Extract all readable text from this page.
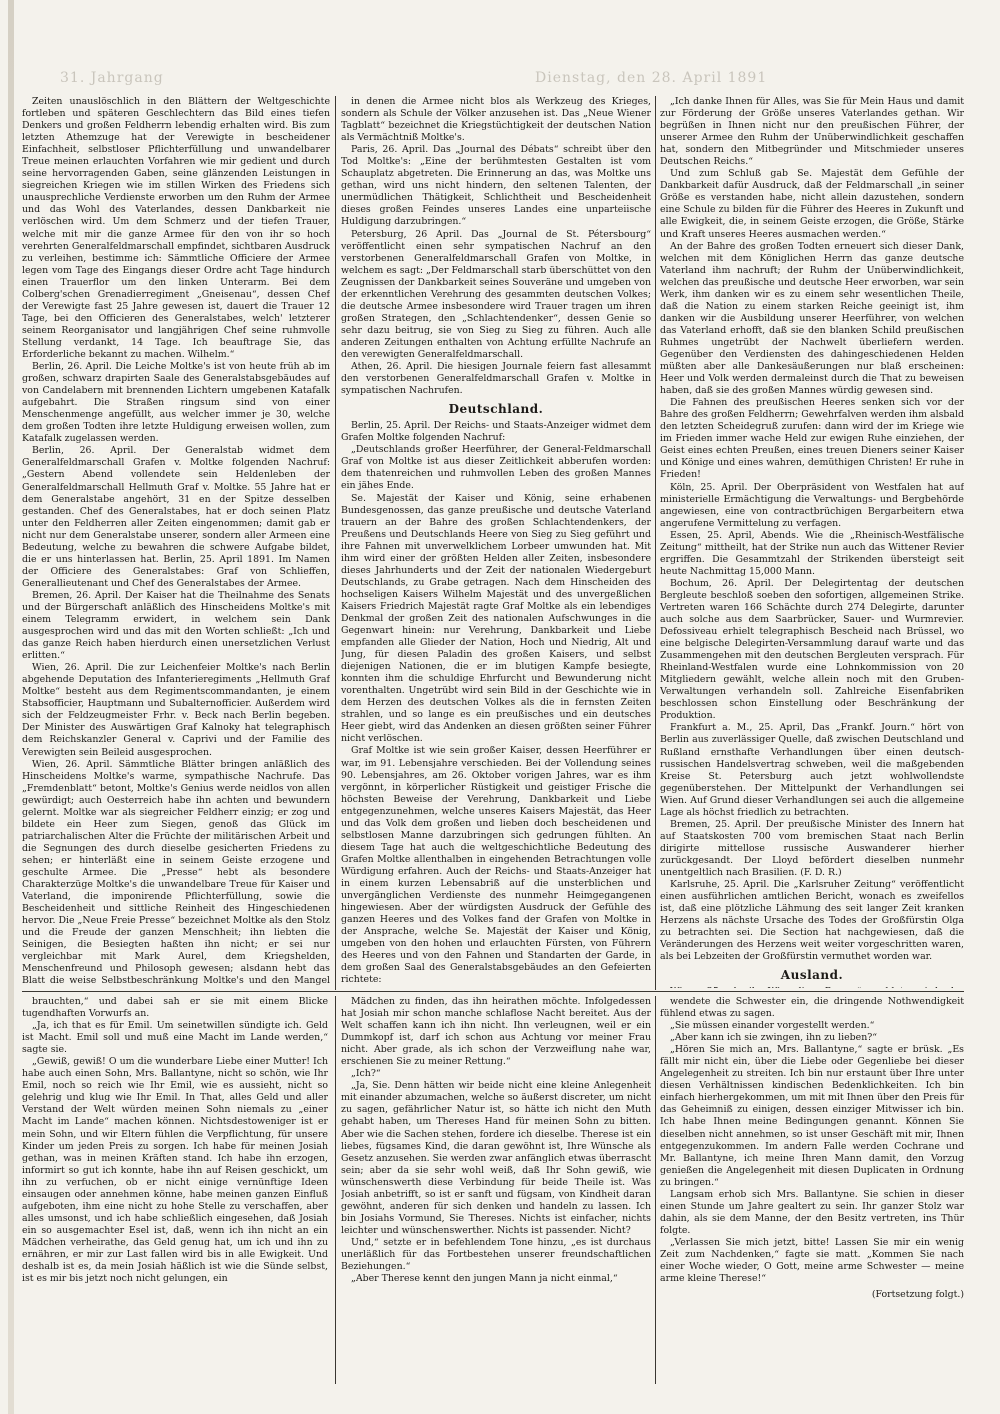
31. Jahrgang	Dienstag, den 28. April 1891

Zeiten unauslöschlich in den Blättern der Weltgeschichte fortleben und späteren Geschlechtern das Bild eines tiefen Denkers und großen Feldherrn lebendig erhalten wird. Bis zum letzten Athemzuge hat der Verewigte in bescheidener Einfachheit, selbstloser Pflichterfüllung und unwandelbarer Treue meinen erlauchten Vorfahren wie mir gedient und durch seine hervorragenden Gaben, seine glänzenden Leistungen in siegreichen Kriegen wie im stillen Wirken des Friedens sich unausprechliche Verdienste erworben um den Ruhm der Armee und das Wohl des Vaterlandes, dessen Dankbarkeit nie verlöschen wird. Um dem Schmerz und der tiefen Trauer, welche mit mir die ganze Armee für den von ihr so hoch verehrten Generalfeldmarschall empfindet, sichtbaren Ausdruck zu verleihen, bestimme ich: Sämmtliche Officiere der Armee legen vom Tage des Eingangs dieser Ordre acht Tage hindurch einen Trauerflor um den linken Unterarm. Bei dem Colberg'schen Grenadierregiment „Gneisenau“, dessen Chef der Verewigte fast 25 Jahre gewesen ist, dauert die Trauer 12 Tage, bei den Officieren des Generalstabes, welch' letzterer seinem Reorganisator und langjährigen Chef seine ruhmvolle Stellung verdankt, 14 Tage. Ich beauftrage Sie, das Erforderliche bekannt zu machen. Wilhelm.“

Berlin, 26. April. Die Leiche Moltke's ist von heute früh ab im großen, schwarz drapirten Saale des Generalstabsgebäudes auf von Candelabern mit brennenden Lichtern umgebenen Katafalk aufgebahrt. Die Straßen ringsum sind von einer Menschenmenge angefüllt, aus welcher immer je 30, welche dem großen Todten ihre letzte Huldigung erweisen wollen, zum Katafalk zugelassen werden.

Berlin, 26. April. Der Generalstab widmet dem Generalfeldmarschall Grafen v. Moltke folgenden Nachruf: „Gestern Abend vollendete sein Heldenleben der Generalfeldmarschall Hellmuth Graf v. Moltke. 55 Jahre hat er dem Generalstabe angehört, 31 en der Spitze desselben gestanden. Chef des Generalstabes, hat er doch seinen Platz unter den Feldherren aller Zeiten eingenommen; damit gab er nicht nur dem Generalstabe unserer, sondern aller Armeen eine Bedeutung, welche zu bewahren die schwere Aufgabe bildet, die er uns hinterlassen hat. Berlin, 25. April 1891. Im Namen der Officiere des Generalstabes: Graf von Schlieffen, Generallieutenant und Chef des Generalstabes der Armee.

Bremen, 26. April. Der Kaiser hat die Theilnahme des Senats und der Bürgerschaft anläßlich des Hinscheidens Moltke's mit einem Telegramm erwidert, in welchem sein Dank ausgesprochen wird und das mit den Worten schließt: „Ich und das ganze Reich haben hierdurch einen unersetzlichen Verlust erlitten.“

Wien, 26. April. Die zur Leichenfeier Moltke's nach Berlin abgehende Deputation des Infanterieregiments „Hellmuth Graf Moltke“ besteht aus dem Regimentscommandanten, je einem Stabsofficier, Hauptmann und Subalternofficier. Außerdem wird sich der Feldzeugmeister Frhr. v. Beck nach Berlin begeben. Der Minister des Auswärtigen Graf Kalnoky hat telegraphisch dem Reichskanzler General v. Caprivi und der Familie des Verewigten sein Beileid ausgesprochen.

Wien, 26. April. Sämmtliche Blätter bringen anläßlich des Hinscheidens Moltke's warme, sympathische Nachrufe. Das „Fremdenblatt“ betont, Moltke's Genius werde neidlos von allen gewürdigt; auch Oesterreich habe ihn achten und bewundern gelernt. Moltke war als siegreicher Feldherr einzig; er zog und bildete ein Heer zum Siegen, genoß das Glück im patriarchalischen Alter die Früchte der militärischen Arbeit und die Segnungen des durch dieselbe gesicherten Friedens zu sehen; er hinterläßt eine in seinem Geiste erzogene und geschulte Armee. Die „Presse“ hebt als besondere Charakterzüge Moltke's die unwandelbare Treue für Kaiser und Vaterland, die imponirende Pflichterfüllung, sowie die Bescheidenheit und sittliche Reinheit des Hingeschiedenen hervor. Die „Neue Freie Presse“ bezeichnet Moltke als den Stolz und die Freude der ganzen Menschheit; ihn liebten die Seinigen, die Besiegten haßten ihn nicht; er sei nur vergleichbar mit Mark Aurel, dem Kriegshelden, Menschenfreund und Philosoph gewesen; alsdann hebt das Blatt die weise Selbstbeschränkung Moltke's und den Mangel

in denen die Armee nicht blos als Werkzeug des Krieges, sondern als Schule der Völker anzusehen ist. Das „Neue Wiener Tagblatt“ bezeichnet die Kriegstüchtigkeit der deutschen Nation als Vermächtniß Moltke's.

Paris, 26. April. Das „Journal des Débats“ schreibt über den Tod Moltke's: „Eine der berühmtesten Gestalten ist vom Schauplatz abgetreten. Die Erinnerung an das, was Moltke uns gethan, wird uns nicht hindern, den seltenen Talenten, der unermüdlichen Thätigkeit, Schlichtheit und Bescheidenheit dieses großen Feindes unseres Landes eine unparteiische Huldigung darzubringen.“

Petersburg, 26 April. Das „Journal de St. Pétersbourg“ veröffentlicht einen sehr sympatischen Nachruf an den verstorbenen Generalfeldmarschall Grafen von Moltke, in welchem es sagt: „Der Feldmarschall starb überschüttet von den Zeugnissen der Dankbarkeit seines Souveräne und umgeben von der erkenntlichen Verehrung des gesammten deutschen Volkes; die deutsche Armee insbesondere wird Trauer tragen um ihren großen Strategen, den „Schlachtendenker“, dessen Genie so sehr dazu beitrug, sie von Sieg zu Sieg zu führen. Auch alle anderen Zeitungen enthalten von Achtung erfüllte Nachrufe an den verewigten Generalfeldmarschall.

Athen, 26. April. Die hiesigen Journale feiern fast allesammt den verstorbenen Generalfeldmarschall Grafen v. Moltke in sympatischen Nachrufen.

Deutschland.

Berlin, 25. April. Der Reichs- und Staats-Anzeiger widmet dem Grafen Moltke folgenden Nachruf:

„Deutschlands großer Heerführer, der General-Feldmarschall Graf von Moltke ist aus dieser Zeitlichkeit abberufen worden: dem thatenreichen und ruhmvollen Leben des großen Mannes ein jähes Ende.

Se. Majestät der Kaiser und König, seine erhabenen Bundesgenossen, das ganze preußische und deutsche Vaterland trauern an der Bahre des großen Schlachtendenkers, der Preußens und Deutschlands Heere von Sieg zu Sieg geführt und ihre Fahnen mit unverwelklichem Lorbeer umwunden hat. Mit ihm wird einer der größten Helden aller Zeiten, insbesondere dieses Jahrhunderts und der Zeit der nationalen Wiedergeburt Deutschlands, zu Grabe getragen. Nach dem Hinscheiden des hochseligen Kaisers Wilhelm Majestät und des unvergeßlichen Kaisers Friedrich Majestät ragte Graf Moltke als ein lebendiges Denkmal der großen Zeit des nationalen Aufschwunges in die Gegenwart hinein: nur Verehrung, Dankbarkeit und Liebe empfanden alle Glieder der Nation, Hoch und Niedrig, Alt und Jung, für diesen Paladin des großen Kaisers, und selbst diejenigen Nationen, die er im blutigen Kampfe besiegte, konnten ihm die schuldige Ehrfurcht und Bewunderung nicht vorenthalten. Ungetrübt wird sein Bild in der Geschichte wie in dem Herzen des deutschen Volkes als die in fernsten Zeiten strahlen, und so lange es ein preußisches und ein deutsches Heer giebt, wird das Andenken an diesen größten seiner Führer nicht verlöschen.

Graf Moltke ist wie sein großer Kaiser, dessen Heerführer er war, im 91. Lebensjahre verschieden. Bei der Vollendung seines 90. Lebensjahres, am 26. Oktober vorigen Jahres, war es ihm vergönnt, in körperlicher Rüstigkeit und geistiger Frische die höchsten Beweise der Verehrung, Dankbarkeit und Liebe entgegenzunehmen, welche unseres Kaisers Majestät, das Heer und das Volk dem großen und lieben doch bescheidenen und selbstlosen Manne darzubringen sich gedrungen fühlten. An diesem Tage hat auch die weltgeschichtliche Bedeutung des Grafen Moltke allenthalben in eingehenden Betrachtungen volle Würdigung erfahren. Auch der Reichs- und Staats-Anzeiger hat in einem kurzen Lebensabriß auf die unsterblichen und unvergänglichen Verdienste des nunmehr Heimgegangenen hingewiesen. Aber der würdigsten Ausdruck der Gefühle des ganzen Heeres und des Volkes fand der Grafen von Moltke in der Ansprache, welche Se. Majestät der Kaiser und König, umgeben von den hohen und erlauchten Fürsten, von Führern des Heeres und von den Fahnen und Standarten der Garde, in dem großen Saal des Generalstabsgebäudes an den Gefeierten richtete:

„Ich danke Ihnen für Alles, was Sie für Mein Haus und damit zur Förderung der Größe unseres Vaterlandes gethan. Wir begrüßen in Ihnen nicht nur den preußischen Führer, der unserer Armee den Ruhm der Unüberwindlichkeit geschaffen hat, sondern den Mitbegründer und Mitschmieder unseres Deutschen Reichs.“

Und zum Schluß gab Se. Majestät dem Gefühle der Dankbarkeit dafür Ausdruck, daß der Feldmarschall „in seiner Größe es verstanden habe, nicht allein dazustehen, sondern eine Schule zu bilden für die Führer des Heeres in Zukunft und alle Ewigkeit, die, in seinem Geiste erzogen, die Größe, Stärke und Kraft unseres Heeres ausmachen werden.“

An der Bahre des großen Todten erneuert sich dieser Dank, welchen mit dem Königlichen Herrn das ganze deutsche Vaterland ihm nachruft; der Ruhm der Unüberwindlichkeit, welchen das preußische und deutsche Heer erworben, war sein Werk, ihm danken wir es zu einem sehr wesentlichen Theile, daß die Nation zu einem starken Reiche geeinigt ist, ihm danken wir die Ausbildung unserer Heerführer, von welchen das Vaterland erhofft, daß sie den blanken Schild preußischen Ruhmes ungetrübt der Nachwelt überliefern werden. Gegenüber den Verdiensten des dahingeschiedenen Helden müßten aber alle Dankesäußerungen nur blaß erscheinen: Heer und Volk werden dermaleinst durch die That zu beweisen haben, daß sie des großen Mannes würdig gewesen sind.

Die Fahnen des preußischen Heeres senken sich vor der Bahre des großen Feldherrn; Gewehrfalven werden ihm alsbald den letzten Scheidegruß zurufen: dann wird der im Kriege wie im Frieden immer wache Held zur ewigen Ruhe einziehen, der Geist eines echten Preußen, eines treuen Dieners seiner Kaiser und Könige und eines wahren, demüthigen Christen! Er ruhe in Frieden!

Köln, 25. April. Der Oberpräsident von Westfalen hat auf ministerielle Ermächtigung die Verwaltungs- und Bergbehörde angewiesen, eine von contractbrüchigen Bergarbeitern etwa angerufene Vermittelung zu verfagen.

Essen, 25. April, Abends. Wie die „Rheinisch-Westfälische Zeitung“ mittheilt, hat der Strike nun auch das Wittener Revier ergriffen. Die Gesammtzahl der Strikenden übersteigt seit heute Nachmittag 15,000 Mann.

Bochum, 26. April. Der Delegirtentag der deutschen Bergleute beschloß soeben den sofortigen, allgemeinen Strike. Vertreten waren 166 Schächte durch 274 Delegirte, darunter auch solche aus dem Saarbrücker, Sauer- und Wurmrevier. Defossiveau erhielt telegraphisch Bescheid nach Brüssel, wo eine belgische Delegirten-Versammlung darauf warte und das Zusammengehen mit den deutschen Bergleuten versprach. Für Rheinland-Westfalen wurde eine Lohnkommission von 20 Mitgliedern gewählt, welche allein noch mit den Gruben-Verwaltungen verhandeln soll. Zahlreiche Eisenfabriken beschlossen schon Einstellung oder Beschränkung der Produktion.

Frankfurt a. M., 25. April, Das „Frankf. Journ.“ hört von Berlin aus zuverlässiger Quelle, daß zwischen Deutschland und Rußland ernsthafte Verhandlungen über einen deutsch-russischen Handelsvertrag schweben, weil die maßgebenden Kreise St. Petersburg auch jetzt wohlwollendste gegenüberstehen. Der Mittelpunkt der Verhandlungen sei Wien. Auf Grund dieser Verhandlungen sei auch die allgemeine Lage als höchst friedlich zu betrachten.

Bremen, 25. April. Der preußische Minister des Innern hat auf Staatskosten 700 vom bremischen Staat nach Berlin dirigirte mittellose russische Auswanderer hierher zurückgesandt. Der Lloyd befördert dieselben nunmehr unentgeltlich nach Brasilien. (F. D. R.)

Karlsruhe, 25. April. Die „Karlsruher Zeitung“ veröffentlicht einen ausführlichen amtlichen Bericht, wonach es zweifellos ist, daß eine plötzliche Lähmung des seit langer Zeit kranken Herzens als nächste Ursache des Todes der Großfürstin Olga zu betrachten sei. Die Section hat nachgewiesen, daß die Veränderungen des Herzens weit weiter vorgeschritten waren, als bei Lebzeiten der Großfürstin vermuthet worden war.

Ausland.

brauchten,“ und dabei sah er sie mit einem Blicke tugendhaften Vorwurfs an.

„Ja, ich that es für Emil. Um seinetwillen sündigte ich. Geld ist Macht. Emil soll und muß eine Macht im Lande werden,“ sagte sie.

„Gewiß, gewiß! O um die wunderbare Liebe einer Mutter! Ich habe auch einen Sohn, Mrs. Ballantyne, nicht so schön, wie Ihr Emil, noch so reich wie Ihr Emil, wie es aussieht, nicht so gelehrig und klug wie Ihr Emil. In That, alles Geld und aller Verstand der Welt würden meinen Sohn niemals zu „einer Macht im Lande“ machen können. Nichtsdestoweniger ist er mein Sohn, und wir Eltern fühlen die Verpflichtung, für unsere Kinder um jeden Preis zu sorgen. Ich habe für meinen Josiah gethan, was in meinen Kräften stand. Ich habe ihn erzogen, informirt so gut ich konnte, habe ihn auf Reisen geschickt, um ihn zu verfuchen, ob er nicht einige vernünftige Ideen einsaugen oder annehmen könne, habe meinen ganzen Einfluß aufgeboten, ihm eine nicht zu hohe Stelle zu verschaffen, aber alles umsonst, und ich habe schließlich eingesehen, daß Josiah ein so ausgemachter Esel ist, daß, wenn ich ihn nicht an ein Mädchen verheirathe, das Geld genug hat, um ich und ihn zu ernähren, er mir zur Last fallen wird bis in alle Ewigkeit. Und deshalb ist es, da mein Josiah häßlich ist wie die Sünde selbst, ist es mir bis jetzt noch nicht gelungen, ein

Mädchen zu finden, das ihn heirathen möchte. Infolgedessen hat Josiah mir schon manche schlaflose Nacht bereitet. Aus der Welt schaffen kann ich ihn nicht. Ihn verleugnen, weil er ein Dummkopf ist, darf ich schon aus Achtung vor meiner Frau nicht. Aber grade, als ich schon der Verzweiflung nahe war, erschienen Sie zu meiner Rettung.“

„Ich?“

„Ja, Sie. Denn hätten wir beide nicht eine kleine Anlegenheit mit einander abzumachen, welche so äußerst discreter, um nicht zu sagen, gefährlicher Natur ist, so hätte ich nicht den Muth gehabt haben, um Thereses Hand für meinen Sohn zu bitten. Aber wie die Sachen stehen, fordere ich dieselbe. Therese ist ein liebes, fügsames Kind, die daran gewöhnt ist, Ihre Wünsche als Gesetz anzusehen. Sie werden zwar anfänglich etwas überrascht sein; aber da sie sehr wohl weiß, daß Ihr Sohn gewiß, wie wünschenswerth diese Verbindung für beide Theile ist. Was Josiah anbetrifft, so ist er sanft und fügsam, von Kindheit daran gewöhnt, anderen für sich denken und handeln zu lassen. Ich bin Josiahs Vormund, Sie Thereses. Nichts ist einfacher, nichts leichter und wünschenswerther. Nichts ist passender. Nicht?

Und,“ setzte er in befehlendem Tone hinzu, „es ist durchaus unerläßlich für das Fortbestehen unserer freundschaftlichen Beziehungen.“

„Aber Therese kennt den jungen Mann ja nicht einmal,“

wendete die Schwester ein, die dringende Nothwendigkeit fühlend etwas zu sagen.

„Sie müssen einander vorgestellt werden.“

„Aber kann ich sie zwingen, ihn zu lieben?“

„Hören Sie mich an, Mrs. Ballantyne,“ sagte er brüsk. „Es fällt mir nicht ein, über die Liebe oder Gegenliebe bei dieser Angelegenheit zu streiten. Ich bin nur erstaunt über Ihre unter diesen Verhältnissen kindischen Bedenklichkeiten. Ich bin einfach hierhergekommen, um mit mit Ihnen über den Preis für das Geheimniß zu einigen, dessen einziger Mitwisser ich bin. Ich habe Ihnen meine Bedingungen genannt. Können Sie dieselben nicht annehmen, so ist unser Geschäft mit mir, Ihnen entgegenzukommen. Im andern Falle werden Cochrane und Mr. Ballantyne, ich meine Ihren Mann damit, den Vorzug genießen die Angelegenheit mit diesen Duplicaten in Ordnung zu bringen.“

Langsam erhob sich Mrs. Ballantyne. Sie schien in dieser einen Stunde um Jahre gealtert zu sein. Ihr ganzer Stolz war dahin, als sie dem Manne, der den Besitz vertreten, ins Thür folgte.

„Verlassen Sie mich jetzt, bitte! Lassen Sie mir ein wenig Zeit zum Nachdenken,“ fagte sie matt. „Kommen Sie nach einer Woche wieder, O Gott, meine arme Schwester — meine arme kleine Therese!“

(Fortsetzung folgt.)
